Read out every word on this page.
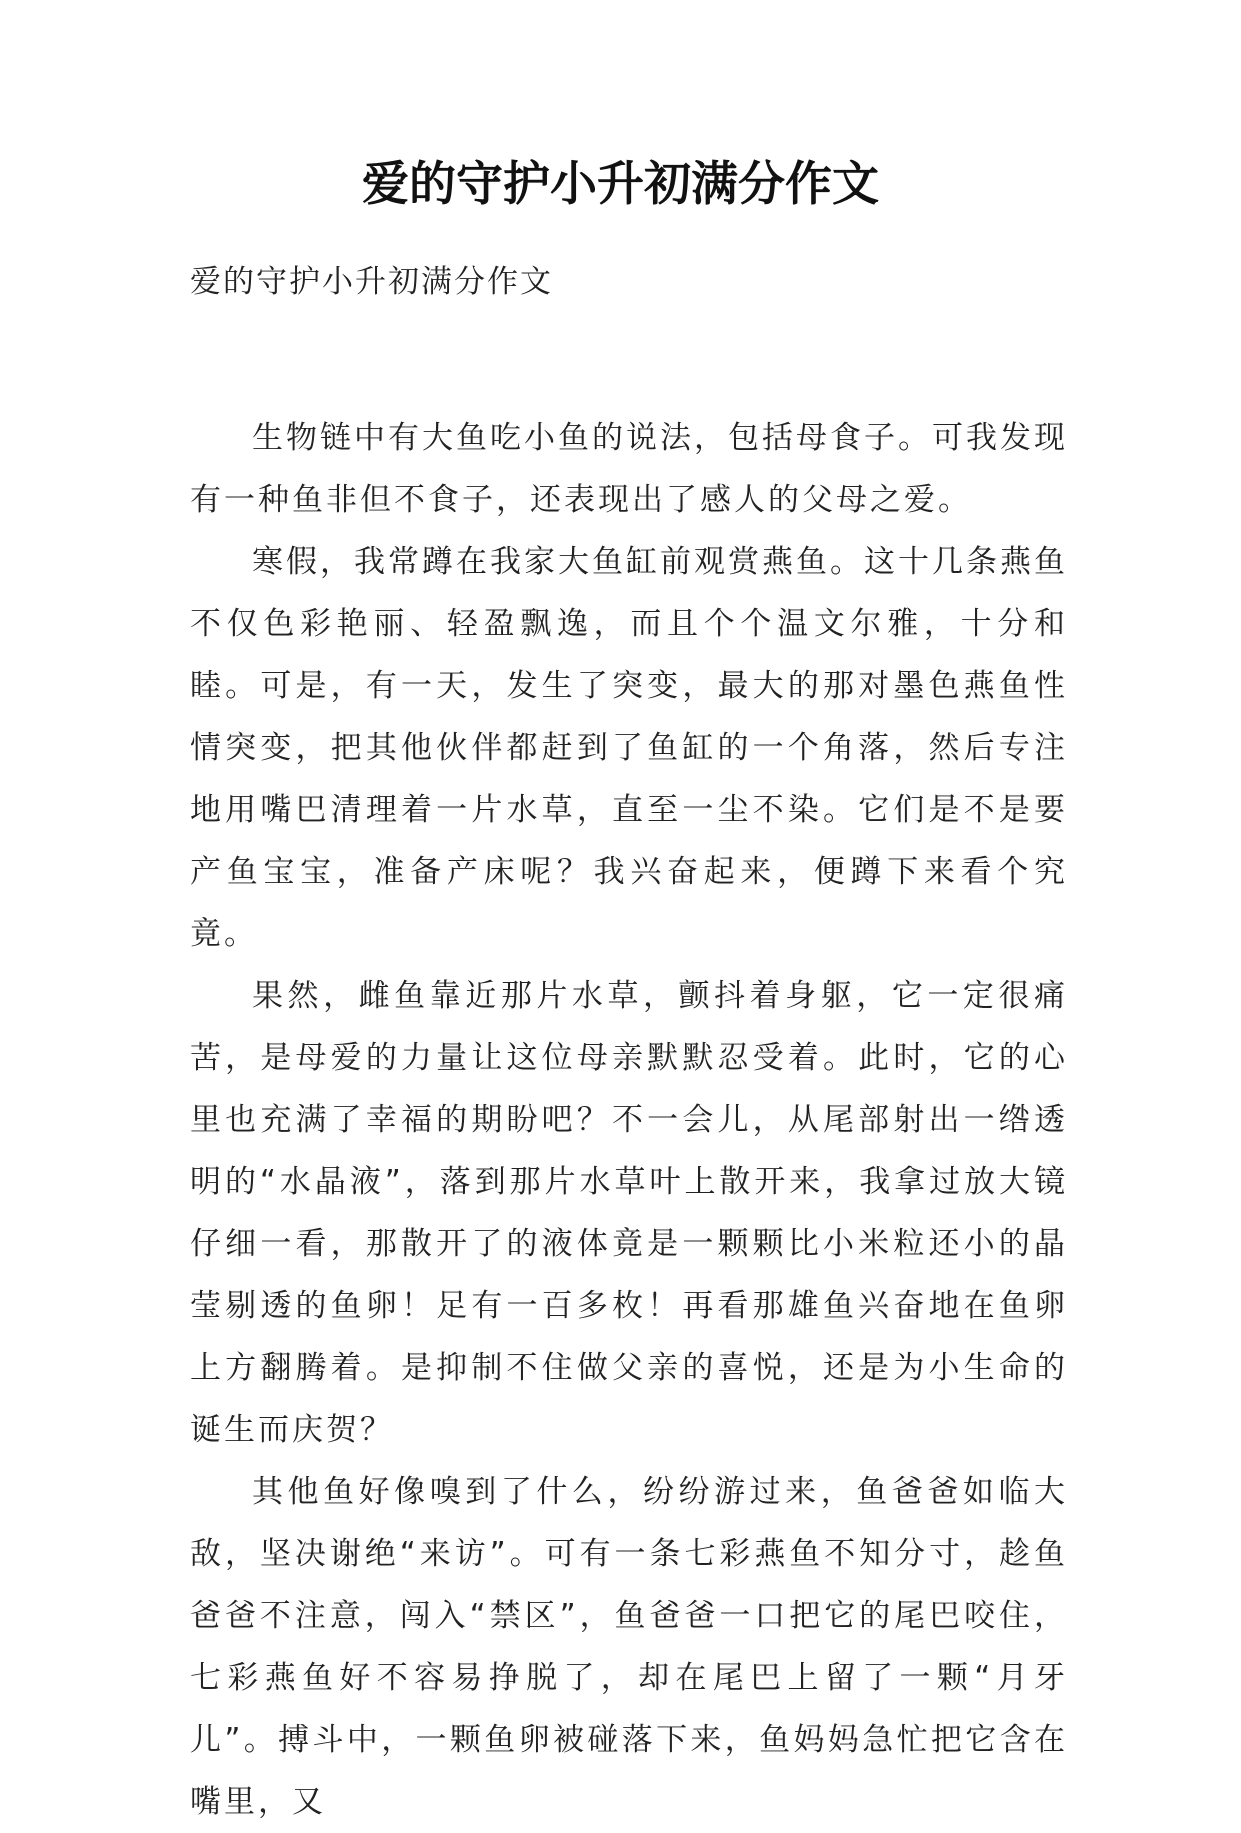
爱的守护小升初满分作文
爱的守护小升初满分作文

生物链中有大鱼吃小鱼的说法，包括母食子。可我发现有一种鱼非但不食子，还表现出了感人的父母之爱。

寒假，我常蹲在我家大鱼缸前观赏燕鱼。这十几条燕鱼不仅色彩艳丽、轻盈飘逸，而且个个温文尔雅，十分和睦。可是，有一天，发生了突变，最大的那对墨色燕鱼性情突变，把其他伙伴都赶到了鱼缸的一个角落，然后专注地用嘴巴清理着一片水草，直至一尘不染。它们是不是要产鱼宝宝，准备产床呢？我兴奋起来，便蹲下来看个究竟。

果然，雌鱼靠近那片水草，颤抖着身躯，它一定很痛苦，是母爱的力量让这位母亲默默忍受着。此时，它的心里也充满了幸福的期盼吧？不一会儿，从尾部射出一绺透明的“水晶液”，落到那片水草叶上散开来，我拿过放大镜仔细一看，那散开了的液体竟是一颗颗比小米粒还小的晶莹剔透的鱼卵！足有一百多枚！再看那雄鱼兴奋地在鱼卵上方翻腾着。是抑制不住做父亲的喜悦，还是为小生命的诞生而庆贺？

其他鱼好像嗅到了什么，纷纷游过来，鱼爸爸如临大敌，坚决谢绝“来访”。可有一条七彩燕鱼不知分寸，趁鱼爸爸不注意，闯入“禁区”，鱼爸爸一口把它的尾巴咬住，七彩燕鱼好不容易挣脱了，却在尾巴上留了一颗“月牙儿”。搏斗中，一颗鱼卵被碰落下来，鱼妈妈急忙把它含在嘴里，又
